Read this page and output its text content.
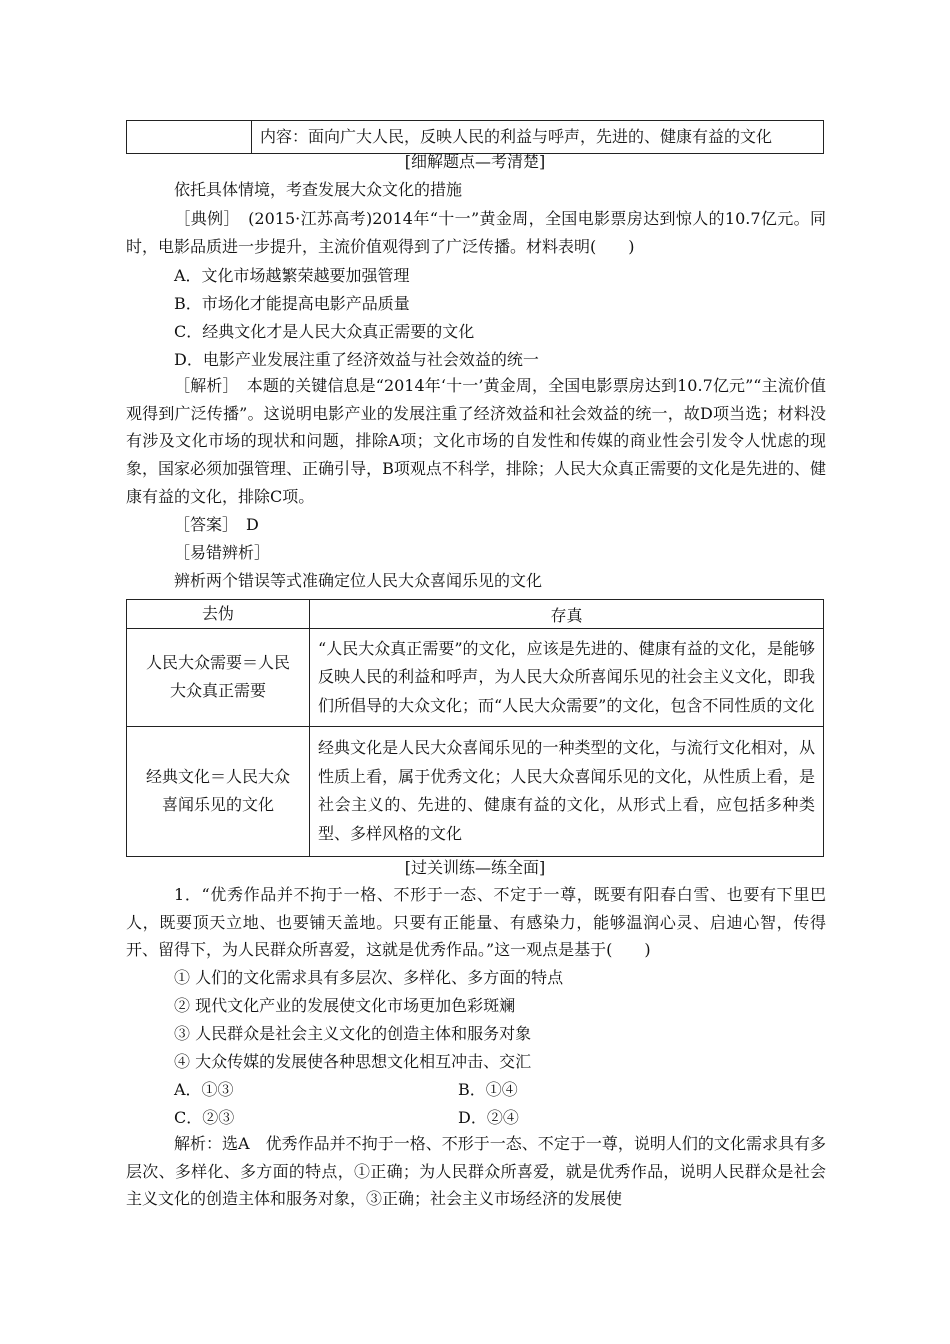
内容：面向广大人民，反映人民的利益与呼声，先进的、健康有益的文化
[细解题点—考清楚]
依托具体情境，考查发展大众文化的措施
［典例］　(2015·江苏高考)2014年“十一”黄金周，全国电影票房达到惊人的10.7亿元。同时，电影品质进一步提升，主流价值观得到了广泛传播。材料表明(　　)
A．文化市场越繁荣越要加强管理
B．市场化才能提高电影产品质量
C．经典文化才是人民大众真正需要的文化
D．电影产业发展注重了经济效益与社会效益的统一
［解析］　本题的关键信息是“2014年‘十一’黄金周，全国电影票房达到10.7亿元”“主流价值观得到广泛传播”。这说明电影产业的发展注重了经济效益和社会效益的统一，故D项当选；材料没有涉及文化市场的现状和问题，排除A项；文化市场的自发性和传媒的商业性会引发令人忧虑的现象，国家必须加强管理、正确引导，B项观点不科学，排除；人民大众真正需要的文化是先进的、健康有益的文化，排除C项。
［答案］　D
［易错辨析］
辨析两个错误等式准确定位人民大众喜闻乐见的文化
去伪	存真

人民大众需要＝人民大众真正需要	“人民大众真正需要”的文化，应该是先进的、健康有益的文化，是能够反映人民的利益和呼声，为人民大众所喜闻乐见的社会主义文化，即我们所倡导的大众文化；而“人民大众需要”的文化，包含不同性质的文化

经典文化＝人民大众喜闻乐见的文化	经典文化是人民大众喜闻乐见的一种类型的文化，与流行文化相对，从性质上看，属于优秀文化；人民大众喜闻乐见的文化，从性质上看，是社会主义的、先进的、健康有益的文化，从形式上看，应包括多种类型、多样风格的文化
[过关训练—练全面]
1．“优秀作品并不拘于一格、不形于一态、不定于一尊，既要有阳春白雪、也要有下里巴人，既要顶天立地、也要铺天盖地。只要有正能量、有感染力，能够温润心灵、启迪心智，传得开、留得下，为人民群众所喜爱，这就是优秀作品。”这一观点是基于(　　)
① 人们的文化需求具有多层次、多样化、多方面的特点
② 现代文化产业的发展使文化市场更加色彩斑斓
③ 人民群众是社会主义文化的创造主体和服务对象
④ 大众传媒的发展使各种思想文化相互冲击、交汇
A．①③	B．①④
C．②③	D．②④
解析：选A　优秀作品并不拘于一格、不形于一态、不定于一尊，说明人们的文化需求具有多层次、多样化、多方面的特点，①正确；为人民群众所喜爱，就是优秀作品，说明人民群众是社会主义文化的创造主体和服务对象，③正确；社会主义市场经济的发展使
